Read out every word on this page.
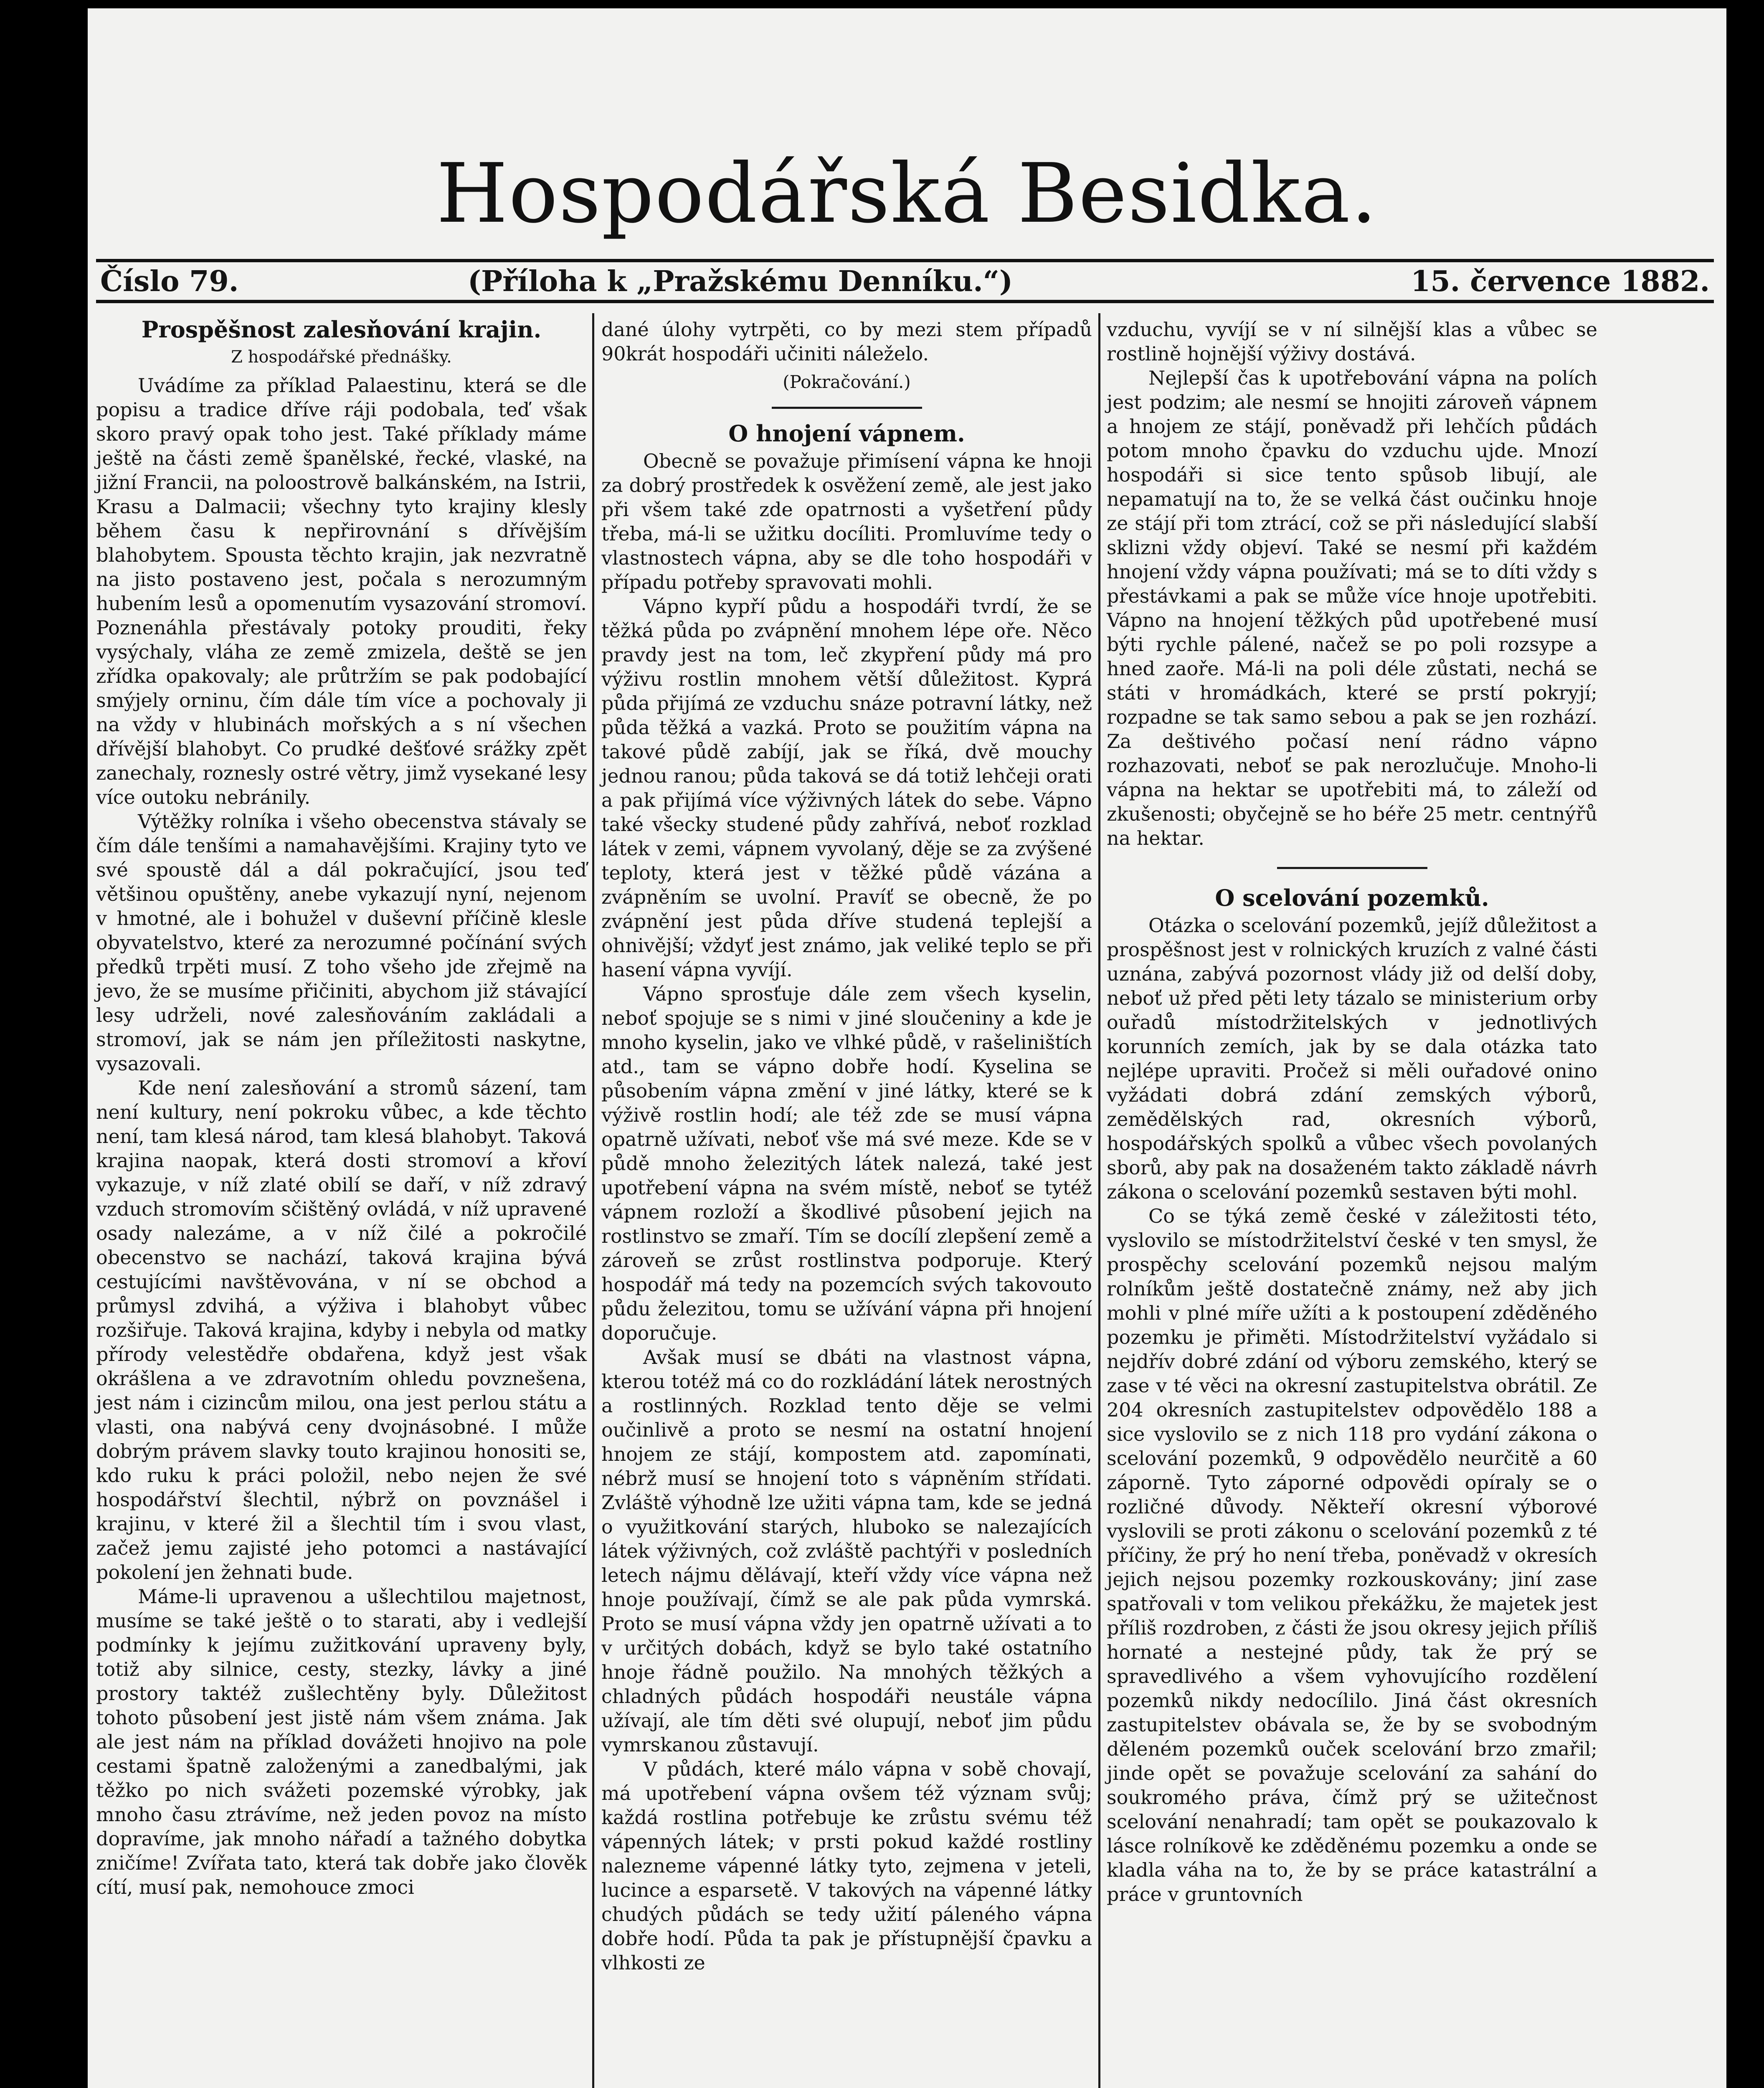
Hospodářská Besidka.
Číslo 79.	(Příloha k „Pražskému Denníku.“)	15. července 1882.
Prospěšnost zalesňování krajin.
Z hospodářské přednášky.

Uvádíme za příklad Palaestinu, která se dle popisu a tradice dříve ráji podobala, teď však skoro pravý opak toho jest. Také příklady máme ještě na části země španělské, řecké, vlaské, na jižní Francii, na poloostrově balkánském, na Istrii, Krasu a Dalmacii; všechny tyto krajiny klesly během času k nepřirovnání s dřívějším blahobytem. Spousta těchto krajin, jak nezvratně na jisto postaveno jest, počala s nerozumným hubením lesů a opomenutím vysazování stromoví. Poznenáhla přestávaly potoky prouditi, řeky vysýchaly, vláha ze země zmizela, deště se jen zřídka opakovaly; ale průtržím se pak podobající smýjely orninu, čím dále tím více a pochovaly ji na vždy v hlubinách mořských a s ní všechen dřívější blahobyt. Co prudké dešťové srážky zpět zanechaly, roznesly ostré větry, jimž vysekané lesy více outoku nebránily.

Výtěžky rolníka i všeho obecenstva stávaly se čím dále tenšími a namahavějšími. Krajiny tyto ve své spoustě dál a dál pokračující, jsou teď většinou opuštěny, anebe vykazují nyní, nejenom v hmotné, ale i bohužel v duševní příčině klesle obyvatelstvo, které za nerozumné počínání svých předků trpěti musí. Z toho všeho jde zřejmě na jevo, že se musíme přičiniti, abychom již stávající lesy udrželi, nové zalesňováním zakládali a stromoví, jak se nám jen příležitosti naskytne, vysazovali.

Kde není zalesňování a stromů sázení, tam není kultury, není pokroku vůbec, a kde těchto není, tam klesá národ, tam klesá blahobyt. Taková krajina naopak, která dosti stromoví a křoví vykazuje, v níž zlaté obilí se daří, v níž zdravý vzduch stromovím sčištěný ovládá, v níž upravené osady nalezáme, a v níž čilé a pokročilé obecenstvo se nachází, taková krajina bývá cestujícími navštěvována, v ní se obchod a průmysl zdvihá, a výživa i blahobyt vůbec rozšiřuje. Taková krajina, kdyby i nebyla od matky přírody velestědře obdařena, když jest však okrášlena a ve zdravotním ohledu povznešena, jest nám i cizincům milou, ona jest perlou státu a vlasti, ona nabývá ceny dvojnásobné. I může dobrým právem slavky touto krajinou honositi se, kdo ruku k práci položil, nebo nejen že své hospodářství šlechtil, nýbrž on povznášel i krajinu, v které žil a šlechtil tím i svou vlast, začež jemu zajisté jeho potomci a nastávající pokolení jen žehnati bude.

Máme-li upravenou a ušlechtilou majetnost, musíme se také ještě o to starati, aby i vedlejší podmínky k jejímu zužitkování upraveny byly, totiž aby silnice, cesty, stezky, lávky a jiné prostory taktéž zušlechtěny byly. Důležitost tohoto působení jest jistě nám všem známa. Jak ale jest nám na příklad dovážeti hnojivo na pole cestami špatně založenými a zanedbalými, jak těžko po nich svážeti pozemské výrobky, jak mnoho času ztrávíme, než jeden povoz na místo dopravíme, jak mnoho nářadí a tažného dobytka zničíme! Zvířata tato, která tak dobře jako člověk cítí, musí pak, nemohouce zmoci

dané úlohy vytrpěti, co by mezi stem případů 90krát hospodáři učiniti náleželo.

(Pokračování.)
O hnojení vápnem.

Obecně se považuje přimísení vápna ke hnoji za dobrý prostředek k osvěžení země, ale jest jako při všem také zde opatrnosti a vyšetření půdy třeba, má-li se užitku docíliti. Promluvíme tedy o vlastnostech vápna, aby se dle toho hospodáři v případu potřeby spravovati mohli.

Vápno kypří půdu a hospodáři tvrdí, že se těžká půda po zvápnění mnohem lépe oře. Něco pravdy jest na tom, leč zkypření půdy má pro výživu rostlin mnohem větší důležitost. Kyprá půda přijímá ze vzduchu snáze potravní látky, než půda těžká a vazká. Proto se použitím vápna na takové půdě zabíjí, jak se říká, dvě mouchy jednou ranou; půda taková se dá totiž lehčeji orati a pak přijímá více výživných látek do sebe. Vápno také všecky studené půdy zahřívá, neboť rozklad látek v zemi, vápnem vyvolaný, děje se za zvýšené teploty, která jest v těžké půdě vázána a zvápněním se uvolní. Pravíť se obecně, že po zvápnění jest půda dříve studená teplejší a ohnivější; vždyť jest známo, jak veliké teplo se při hasení vápna vyvíjí.

Vápno sprosťuje dále zem všech kyselin, neboť spojuje se s nimi v jiné sloučeniny a kde je mnoho kyselin, jako ve vlhké půdě, v rašeliništích atd., tam se vápno dobře hodí. Kyselina se působením vápna změní v jiné látky, které se k výživě rostlin hodí; ale též zde se musí vápna opatrně užívati, neboť vše má své meze. Kde se v půdě mnoho železitých látek nalezá, také jest upotřebení vápna na svém místě, neboť se tytéž vápnem rozloží a škodlivé působení jejich na rostlinstvo se zmaří. Tím se docílí zlepšení země a zároveň se zrůst rostlinstva podporuje. Který hospodář má tedy na pozemcích svých takovouto půdu železitou, tomu se užívání vápna při hnojení doporučuje.

Avšak musí se dbáti na vlastnost vápna, kterou totéž má co do rozkládání látek nerostných a rostlinných. Rozklad tento děje se velmi oučinlivě a proto se nesmí na ostatní hnojení hnojem ze stájí, kompostem atd. zapomínati, nébrž musí se hnojení toto s vápněním střídati. Zvláště výhodně lze užiti vápna tam, kde se jedná o využitkování starých, hluboko se nalezajících látek výživných, což zvláště pachtýři v posledních letech nájmu dělávají, kteří vždy více vápna než hnoje používají, čímž se ale pak půda vymrská. Proto se musí vápna vždy jen opatrně užívati a to v určitých dobách, když se bylo také ostatního hnoje řádně použilo. Na mnohých těžkých a chladných půdách hospodáři neustále vápna užívají, ale tím děti své olupují, neboť jim půdu vymrskanou zůstavují.

V půdách, které málo vápna v sobě chovají, má upotřebení vápna ovšem též význam svůj; každá rostlina potřebuje ke zrůstu svému též vápenných látek; v prsti pokud každé rostliny nalezneme vápenné látky tyto, zejmena v jeteli, lucince a esparsetě. V takových na vápenné látky chudých půdách se tedy užití páleného vápna dobře hodí. Půda ta pak je přístupnější čpavku a vlhkosti ze

vzduchu, vyvíjí se v ní silnější klas a vůbec se rostlině hojnější výživy dostává.

Nejlepší čas k upotřebování vápna na polích jest podzim; ale nesmí se hnojiti zároveň vápnem a hnojem ze stájí, poněvadž při lehčích půdách potom mnoho čpavku do vzduchu ujde. Mnozí hospodáři si sice tento spůsob libují, ale nepamatují na to, že se velká část oučinku hnoje ze stájí při tom ztrácí, což se při následující slabší sklizni vždy objeví. Také se nesmí při každém hnojení vždy vápna používati; má se to díti vždy s přestávkami a pak se může více hnoje upotřebiti. Vápno na hnojení těžkých půd upotřebené musí býti rychle pálené, načež se po poli rozsype a hned zaoře. Má-li na poli déle zůstati, nechá se státi v hromádkách, které se prstí pokryjí; rozpadne se tak samo sebou a pak se jen rozhází. Za deštivého počasí není rádno vápno rozhazovati, neboť se pak nerozlučuje. Mnoho-li vápna na hektar se upotřebiti má, to záleží od zkušenosti; obyčejně se ho béře 25 metr. centnýřů na hektar.

O scelování pozemků.

Otázka o scelování pozemků, jejíž důležitost a prospěšnost jest v rolnických kruzích z valné části uznána, zabývá pozornost vlády již od delší doby, neboť už před pěti lety tázalo se ministerium orby ouřadů místodržitelských v jednotlivých korunních zemích, jak by se dala otázka tato nejlépe upraviti. Pročež si měli ouřadové onino vyžádati dobrá zdání zemských výborů, zemědělských rad, okresních výborů, hospodářských spolků a vůbec všech povolaných sborů, aby pak na dosaženém takto základě návrh zákona o scelování pozemků sestaven býti mohl.

Co se týká země české v záležitosti této, vyslovilo se místodržitelství české v ten smysl, že prospěchy scelování pozemků nejsou malým rolníkům ještě dostatečně známy, než aby jich mohli v plné míře užíti a k postoupení zděděného pozemku je přiměti. Místodržitelství vyžádalo si nejdřív dobré zdání od výboru zemského, který se zase v té věci na okresní zastupitelstva obrátil. Ze 204 okresních zastupitelstev odpovědělo 188 a sice vyslovilo se z nich 118 pro vydání zákona o scelování pozemků, 9 odpovědělo neurčitě a 60 záporně. Tyto záporné odpovědi opíraly se o rozličné důvody. Někteří okresní výborové vyslovili se proti zákonu o scelování pozemků z té příčiny, že prý ho není třeba, poněvadž v okresích jejich nejsou pozemky rozkouskovány; jiní zase spatřovali v tom velikou překážku, že majetek jest příliš rozdroben, z části že jsou okresy jejich příliš hornaté a nestejné půdy, tak že prý se spravedlivého a všem vyhovujícího rozdělení pozemků nikdy nedocílilo. Jiná část okresních zastupitelstev obávala se, že by se svobodným děleném pozemků ouček scelování brzo zmařil; jinde opět se považuje scelování za sahání do soukromého práva, čímž prý se užitečnost scelování nenahradí; tam opět se poukazovalo k lásce rolníkově ke zděděnému pozemku a onde se kladla váha na to, že by se práce katastrální a práce v gruntovních
